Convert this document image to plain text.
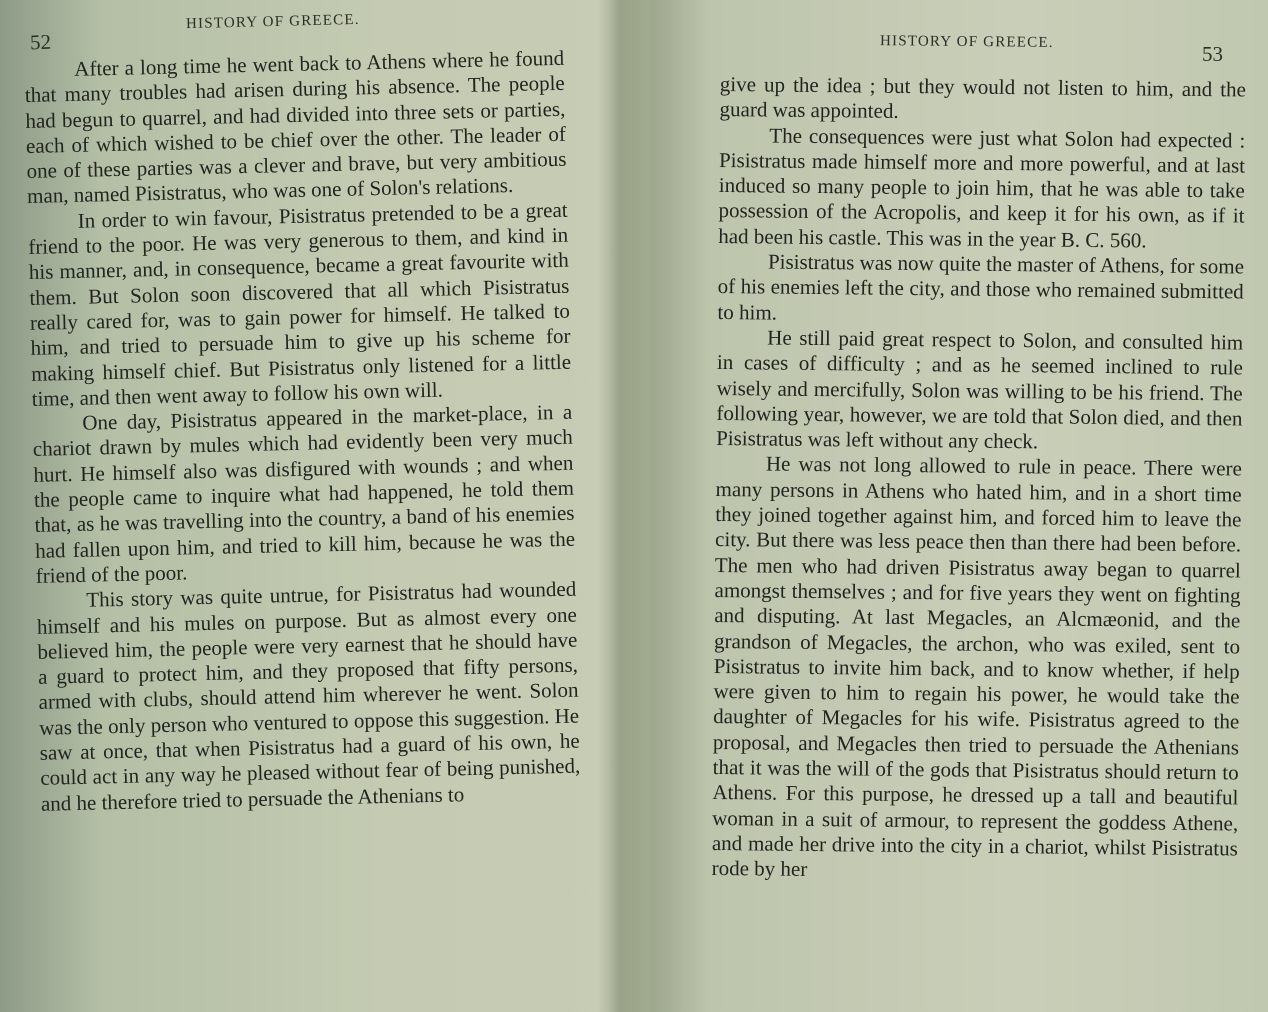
52
HISTORY OF GREECE.

After a long time he went back to Athens where he found that many troubles had arisen during his absence. The people had begun to quarrel, and had divided into three sets or parties, each of which wished to be chief over the other. The leader of one of these parties was a clever and brave, but very ambitious man, named Pisistratus, who was one of Solon's relations.

In order to win favour, Pisistratus pretended to be a great friend to the poor. He was very generous to them, and kind in his manner, and, in consequence, became a great favourite with them. But Solon soon discovered that all which Pisistratus really cared for, was to gain power for himself. He talked to him, and tried to persuade him to give up his scheme for making himself chief. But Pisistratus only listened for a little time, and then went away to follow his own will.

One day, Pisistratus appeared in the market-place, in a chariot drawn by mules which had evidently been very much hurt. He himself also was disfigured with wounds ; and when the people came to inquire what had happened, he told them that, as he was travelling into the country, a band of his enemies had fallen upon him, and tried to kill him, because he was the friend of the poor.

This story was quite untrue, for Pisistratus had wounded himself and his mules on purpose. But as almost every one believed him, the people were very earnest that he should have a guard to protect him, and they proposed that fifty persons, armed with clubs, should attend him wherever he went. Solon was the only person who ventured to oppose this suggestion. He saw at once, that when Pisistratus had a guard of his own, he could act in any way he pleased without fear of being punished, and he therefore tried to persuade the Athenians to

HISTORY OF GREECE.	53

give up the idea ; but they would not listen to him, and the guard was appointed.

The consequences were just what Solon had expected : Pisistratus made himself more and more powerful, and at last induced so many people to join him, that he was able to take possession of the Acropolis, and keep it for his own, as if it had been his castle. This was in the year B. C. 560.

Pisistratus was now quite the master of Athens, for some of his enemies left the city, and those who remained submitted to him.

He still paid great respect to Solon, and consulted him in cases of difficulty ; and as he seemed inclined to rule wisely and mercifully, Solon was willing to be his friend. The following year, however, we are told that Solon died, and then Pisistratus was left without any check.

He was not long allowed to rule in peace. There were many persons in Athens who hated him, and in a short time they joined together against him, and forced him to leave the city. But there was less peace then than there had been before. The men who had driven Pisistratus away began to quarrel amongst themselves ; and for five years they went on fighting and disputing. At last Megacles, an Alcmæonid, and the grandson of Megacles, the archon, who was exiled, sent to Pisistratus to invite him back, and to know whether, if help were given to him to regain his power, he would take the daughter of Megacles for his wife. Pisistratus agreed to the proposal, and Megacles then tried to persuade the Athenians that it was the will of the gods that Pisistratus should return to Athens. For this purpose, he dressed up a tall and beautiful woman in a suit of armour, to represent the goddess Athene, and made her drive into the city in a chariot, whilst Pisistratus rode by her
